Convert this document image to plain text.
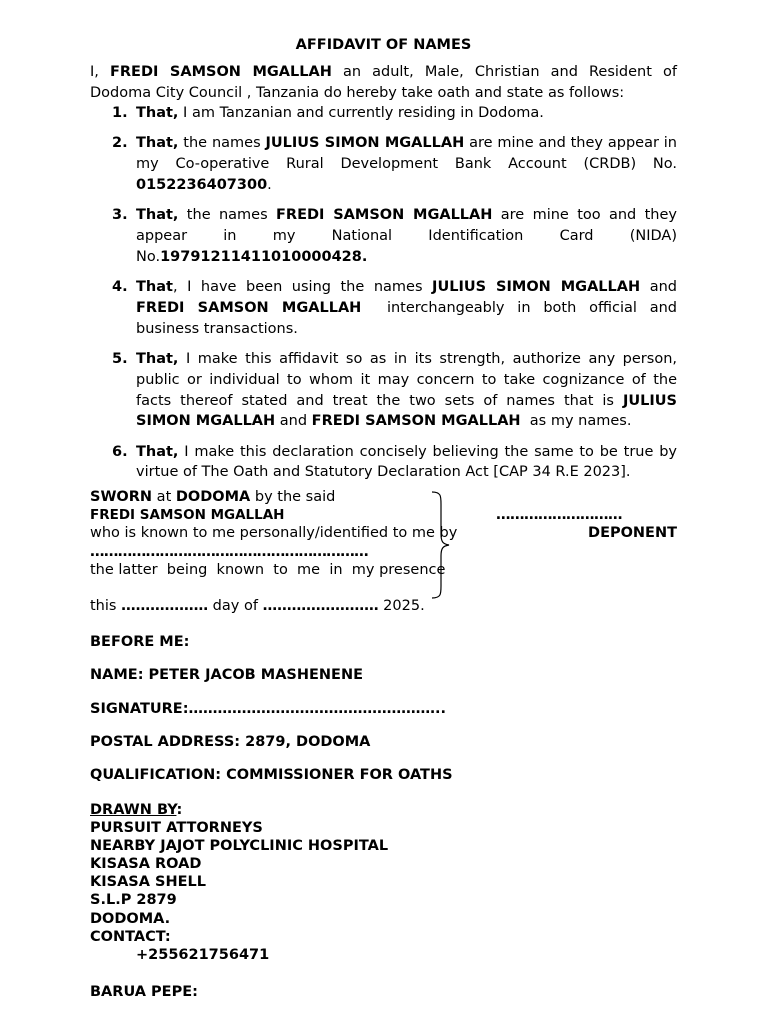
AFFIDAVIT OF NAMES
I, FREDI SAMSON MGALLAH an adult, Male, Christian and Resident of Dodoma City Council , Tanzania do hereby take oath and state as follows:
1. That, I am Tanzanian and currently residing in Dodoma.
2. That, the names JULIUS SIMON MGALLAH are mine and they appear in my Co-operative Rural Development Bank Account (CRDB) No. 0152236407300.
3. That, the names FREDI SAMSON MGALLAH are mine too and they appear in my National Identification Card (NIDA) No.19791211411010000428.
4. That, I have been using the names JULIUS SIMON MGALLAH and FREDI SAMSON MGALLAH  interchangeably in both official and business transactions.
5. That, I make this affidavit so as in its strength, authorize any person, public or individual to whom it may concern to take cognizance of the facts thereof stated and treat the two sets of names that is JULIUS SIMON MGALLAH and FREDI SAMSON MGALLAH  as my names.
6. That, I make this declaration concisely believing the same to be true by virtue of The Oath and Statutory Declaration Act [CAP 34 R.E 2023].
SWORN at DODOMA by the said
FREDI SAMSON MGALLAH	………………………
who is known to me personally/identified to me by	DEPONENT
……………………………………………………
the latter  being  known  to  me  in  my presence
this ……………… day of …………………… 2025.
BEFORE ME:
NAME: PETER JACOB MASHENENE
SIGNATURE:……………………………………………..
POSTAL ADDRESS: 2879, DODOMA
QUALIFICATION: COMMISSIONER FOR OATHS
DRAWN BY:
PURSUIT ATTORNEYS
NEARBY JAJOT POLYCLINIC HOSPITAL
KISASA ROAD
KISASA SHELL
S.L.P 2879
DODOMA.
CONTACT:
+255621756471
BARUA PEPE:
